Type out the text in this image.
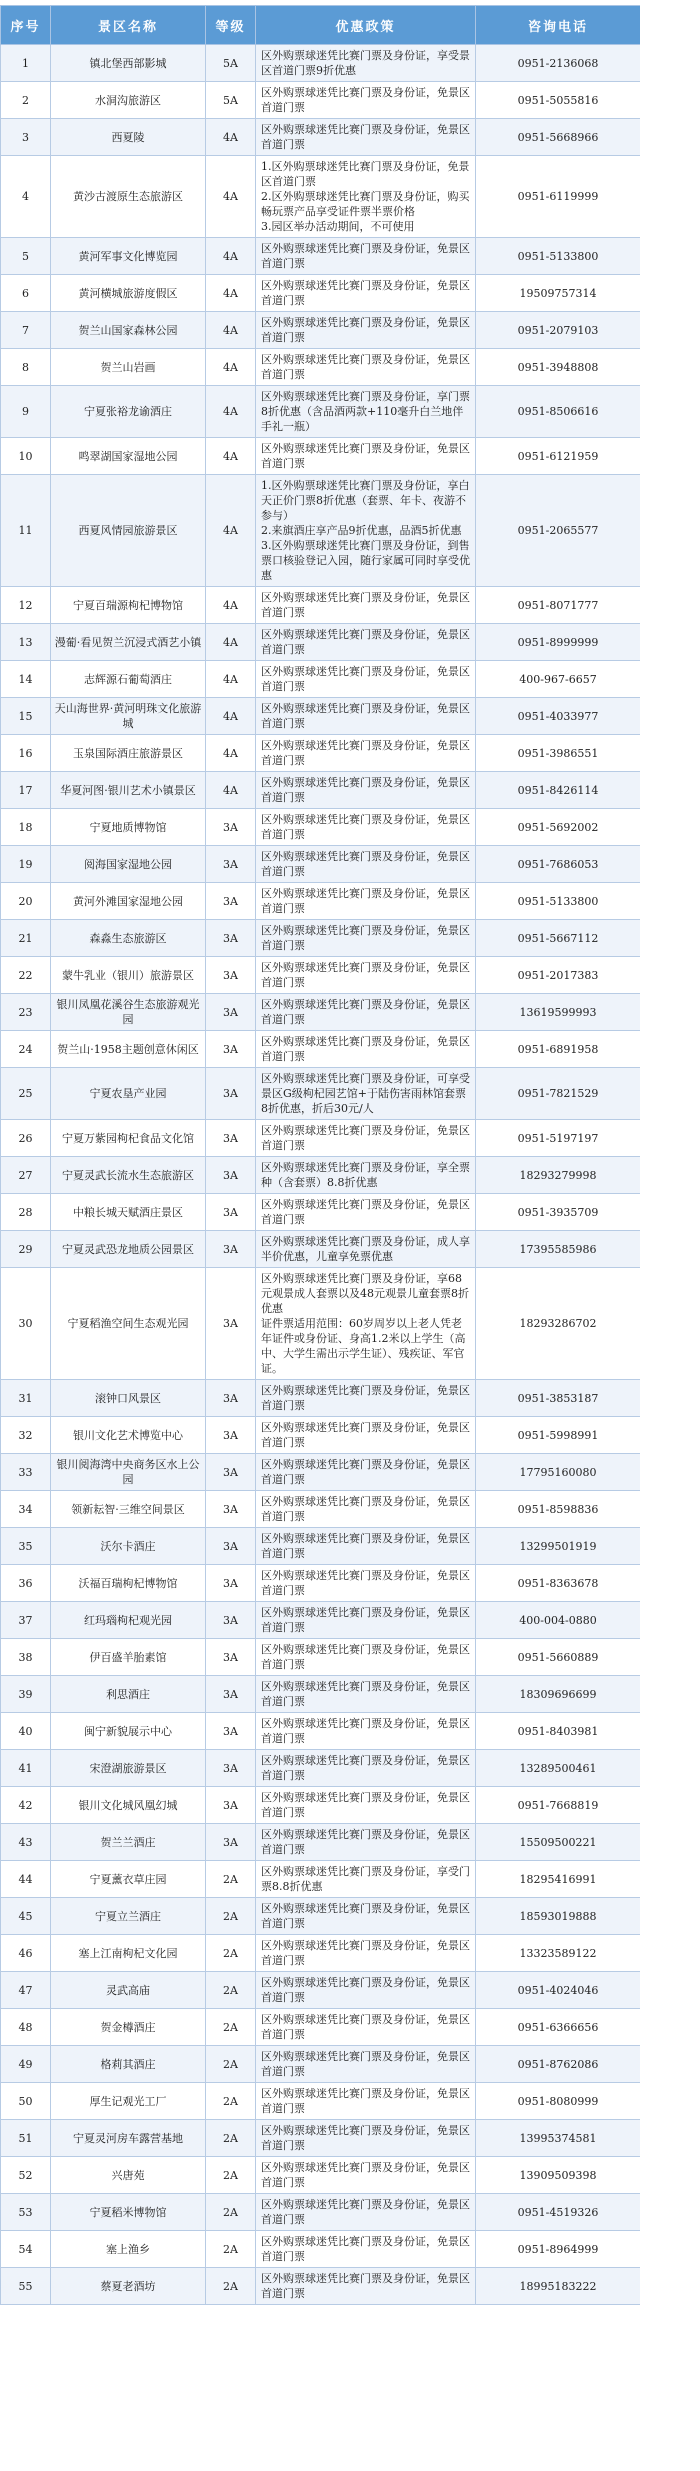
序号	景区名称	等级	优惠政策	咨询电话
1	镇北堡西部影城	5A	区外购票球迷凭比赛门票及身份证，享受景区首道门票9折优惠	0951-2136068
2	水洞沟旅游区	5A	区外购票球迷凭比赛门票及身份证，免景区首道门票	0951-5055816
3	西夏陵	4A	区外购票球迷凭比赛门票及身份证，免景区首道门票	0951-5668966
4	黄沙古渡原生态旅游区	4A	1.区外购票球迷凭比赛门票及身份证，免景区首道门票
2.区外购票球迷凭比赛门票及身份证，购买畅玩票产品享受证件票半票价格
3.园区举办活动期间，不可使用	0951-6119999
5	黄河军事文化博览园	4A	区外购票球迷凭比赛门票及身份证，免景区首道门票	0951-5133800
6	黄河横城旅游度假区	4A	区外购票球迷凭比赛门票及身份证，免景区首道门票	19509757314
7	贺兰山国家森林公园	4A	区外购票球迷凭比赛门票及身份证，免景区首道门票	0951-2079103
8	贺兰山岩画	4A	区外购票球迷凭比赛门票及身份证，免景区首道门票	0951-3948808
9	宁夏张裕龙谕酒庄	4A	区外购票球迷凭比赛门票及身份证，享门票8折优惠（含品酒两款+110毫升白兰地伴手礼一瓶）	0951-8506616
10	鸣翠湖国家湿地公园	4A	区外购票球迷凭比赛门票及身份证，免景区首道门票	0951-6121959
11	西夏风情园旅游景区	4A	1.区外购票球迷凭比赛门票及身份证，享白天正价门票8折优惠（套票、年卡、夜游不参与）
2.来旗酒庄享产品9折优惠，品酒5折优惠
3.区外购票球迷凭比赛门票及身份证，到售票口核验登记入园，随行家属可同时享受优惠	0951-2065577
12	宁夏百瑞源枸杞博物馆	4A	区外购票球迷凭比赛门票及身份证，免景区首道门票	0951-8071777
13	漫葡·看见贺兰沉浸式酒艺小镇	4A	区外购票球迷凭比赛门票及身份证，免景区首道门票	0951-8999999
14	志辉源石葡萄酒庄	4A	区外购票球迷凭比赛门票及身份证，免景区首道门票	400-967-6657
15	天山海世界·黄河明珠文化旅游城	4A	区外购票球迷凭比赛门票及身份证，免景区首道门票	0951-4033977
16	玉泉国际酒庄旅游景区	4A	区外购票球迷凭比赛门票及身份证，免景区首道门票	0951-3986551
17	华夏河图·银川艺术小镇景区	4A	区外购票球迷凭比赛门票及身份证，免景区首道门票	0951-8426114
18	宁夏地质博物馆	3A	区外购票球迷凭比赛门票及身份证，免景区首道门票	0951-5692002
19	阅海国家湿地公园	3A	区外购票球迷凭比赛门票及身份证，免景区首道门票	0951-7686053
20	黄河外滩国家湿地公园	3A	区外购票球迷凭比赛门票及身份证，免景区首道门票	0951-5133800
21	森淼生态旅游区	3A	区外购票球迷凭比赛门票及身份证，免景区首道门票	0951-5667112
22	蒙牛乳业（银川）旅游景区	3A	区外购票球迷凭比赛门票及身份证，免景区首道门票	0951-2017383
23	银川凤凰花溪谷生态旅游观光园	3A	区外购票球迷凭比赛门票及身份证，免景区首道门票	13619599993
24	贺兰山·1958主题创意休闲区	3A	区外购票球迷凭比赛门票及身份证，免景区首道门票	0951-6891958
25	宁夏农垦产业园	3A	区外购票球迷凭比赛门票及身份证，可享受景区G级枸杞园艺馆+于陆伤害雨林馆套票8折优惠，折后30元/人	0951-7821529
26	宁夏万紫园枸杞食品文化馆	3A	区外购票球迷凭比赛门票及身份证，免景区首道门票	0951-5197197
27	宁夏灵武长流水生态旅游区	3A	区外购票球迷凭比赛门票及身份证，享全票种（含套票）8.8折优惠	18293279998
28	中粮长城天赋酒庄景区	3A	区外购票球迷凭比赛门票及身份证，免景区首道门票	0951-3935709
29	宁夏灵武恐龙地质公园景区	3A	区外购票球迷凭比赛门票及身份证，成人享半价优惠，儿童享免票优惠	17395585986
30	宁夏稻渔空间生态观光园	3A	区外购票球迷凭比赛门票及身份证，享68元观景成人套票以及48元观景儿童套票8折优惠
证件票适用范围：60岁周岁以上老人凭老年证件或身份证、身高1.2米以上学生（高中、大学生需出示学生证）、残疾证、军官证。	18293286702
31	滚钟口风景区	3A	区外购票球迷凭比赛门票及身份证，免景区首道门票	0951-3853187
32	银川文化艺术博览中心	3A	区外购票球迷凭比赛门票及身份证，免景区首道门票	0951-5998991
33	银川阅海湾中央商务区水上公园	3A	区外购票球迷凭比赛门票及身份证，免景区首道门票	17795160080
34	领新耘智·三维空间景区	3A	区外购票球迷凭比赛门票及身份证，免景区首道门票	0951-8598836
35	沃尔卡酒庄	3A	区外购票球迷凭比赛门票及身份证，免景区首道门票	13299501919
36	沃福百瑞枸杞博物馆	3A	区外购票球迷凭比赛门票及身份证，免景区首道门票	0951-8363678
37	红玛瑙枸杞观光园	3A	区外购票球迷凭比赛门票及身份证，免景区首道门票	400-004-0880
38	伊百盛羊胎素馆	3A	区外购票球迷凭比赛门票及身份证，免景区首道门票	0951-5660889
39	利思酒庄	3A	区外购票球迷凭比赛门票及身份证，免景区首道门票	18309696699
40	闽宁新貌展示中心	3A	区外购票球迷凭比赛门票及身份证，免景区首道门票	0951-8403981
41	宋澄湖旅游景区	3A	区外购票球迷凭比赛门票及身份证，免景区首道门票	13289500461
42	银川文化城风凰幻城	3A	区外购票球迷凭比赛门票及身份证，免景区首道门票	0951-7668819
43	贺兰兰酒庄	3A	区外购票球迷凭比赛门票及身份证，免景区首道门票	15509500221
44	宁夏薰衣草庄园	2A	区外购票球迷凭比赛门票及身份证，享受门票8.8折优惠	18295416991
45	宁夏立兰酒庄	2A	区外购票球迷凭比赛门票及身份证，免景区首道门票	18593019888
46	塞上江南枸杞文化园	2A	区外购票球迷凭比赛门票及身份证，免景区首道门票	13323589122
47	灵武高庙	2A	区外购票球迷凭比赛门票及身份证，免景区首道门票	0951-4024046
48	贺金樽酒庄	2A	区外购票球迷凭比赛门票及身份证，免景区首道门票	0951-6366656
49	格莉其酒庄	2A	区外购票球迷凭比赛门票及身份证，免景区首道门票	0951-8762086
50	厚生记观光工厂	2A	区外购票球迷凭比赛门票及身份证，免景区首道门票	0951-8080999
51	宁夏灵河房车露营基地	2A	区外购票球迷凭比赛门票及身份证，免景区首道门票	13995374581
52	兴唐苑	2A	区外购票球迷凭比赛门票及身份证，免景区首道门票	13909509398
53	宁夏稻米博物馆	2A	区外购票球迷凭比赛门票及身份证，免景区首道门票	0951-4519326
54	塞上渔乡	2A	区外购票球迷凭比赛门票及身份证，免景区首道门票	0951-8964999
55	蔡夏老酒坊	2A	区外购票球迷凭比赛门票及身份证，免景区首道门票	18995183222
